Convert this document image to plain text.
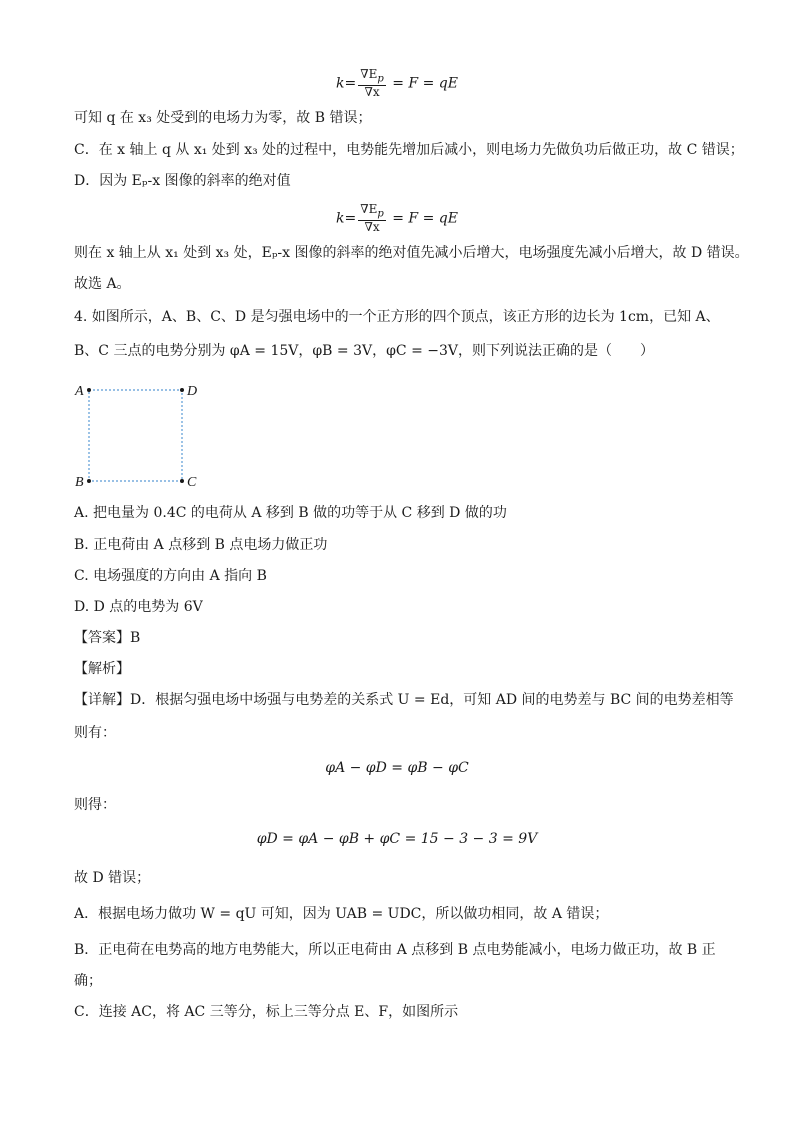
$k= \frac{\nabla E_p}{\nabla x} = F$ = qE
可知 q 在 x₃ 处受到的电场力为零，故 B 错误；
C．在 x 轴上 q 从 x₁ 处到 x₃ 处的过程中，电势能先增加后减小，则电场力先做负功后做正功，故 C 错误；
D．因为 Eₚ-x 图像的斜率的绝对值
$k= \frac{\nabla E_p}{\nabla x} = F$ = qE
则在 x 轴上从 x₁ 处到 x₃ 处，Eₚ-x 图像的斜率的绝对值先减小后增大，电场强度先减小后增大，故 D 错误。
故选 A。
4. 如图所示，A、B、C、D 是匀强电场中的一个正方形的四个顶点，该正方形的边长为 1cm，已知 A、
B、C 三点的电势分别为 φA = 15V，φB = 3V，φC = −3V，则下列说法正确的是（　　）
A	D
B	C
A. 把电量为 0.4C 的电荷从 A 移到 B 做的功等于从 C 移到 D 做的功
B. 正电荷由 A 点移到 B 点电场力做正功
C. 电场强度的方向由 A 指向 B
D. D 点的电势为 6V
【答案】B
【解析】
【详解】D．根据匀强电场中场强与电势差的关系式 U = Ed，可知 AD 间的电势差与 BC 间的电势差相等
则有：
φA − φD = φB − φC
则得：
φD = φA − φB + φC = 15 − 3 − 3 = 9V
故 D 错误；
A．根据电场力做功 W = qU 可知，因为 UAB = UDC，所以做功相同，故 A 错误；
B．正电荷在电势高的地方电势能大，所以正电荷由 A 点移到 B 点电势能减小，电场力做正功，故 B 正
确；
C．连接 AC，将 AC 三等分，标上三等分点 E、F，如图所示
